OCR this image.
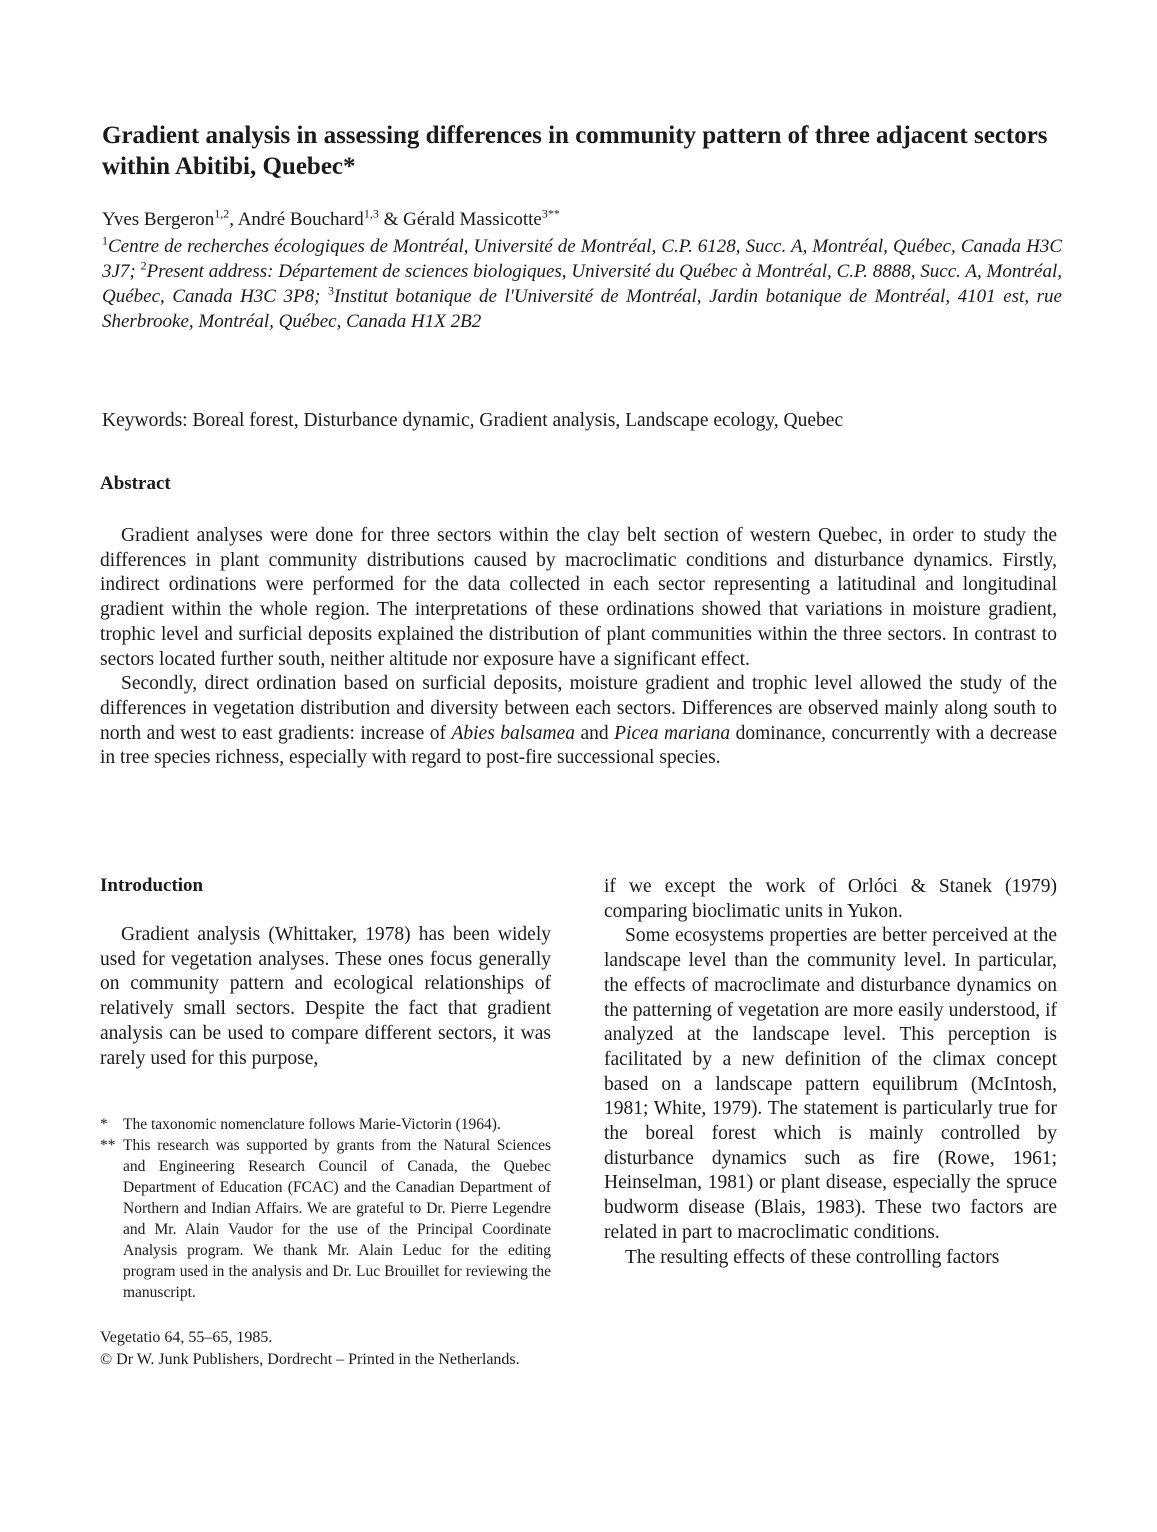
Gradient analysis in assessing differences in community pattern of three adjacent sectors within Abitibi, Quebec*
Yves Bergeron$^{1,2}$, André Bouchard$^{1,3}$ & Gérald Massicotte$^{3**}$
$^1$Centre de recherches écologiques de Montréal, Université de Montréal, C.P. 6128, Succ. A, Montréal, Québec, Canada H3C 3J7; $^2$Present address: Département de sciences biologiques, Université du Québec à Montréal, C.P. 8888, Succ. A, Montréal, Québec, Canada H3C 3P8; $^3$Institut botanique de l'Université de Montréal, Jardin botanique de Montréal, 4101 est, rue Sherbrooke, Montréal, Québec, Canada H1X 2B2
Keywords: Boreal forest, Disturbance dynamic, Gradient analysis, Landscape ecology, Quebec
Abstract

Gradient analyses were done for three sectors within the clay belt section of western Quebec, in order to study the differences in plant community distributions caused by macroclimatic conditions and disturbance dynamics. Firstly, indirect ordinations were performed for the data collected in each sector representing a latitudinal and longitudinal gradient within the whole region. The interpretations of these ordinations showed that variations in moisture gradient, trophic level and surficial deposits explained the distribution of plant communities within the three sectors. In contrast to sectors located further south, neither altitude nor exposure have a significant effect.

Secondly, direct ordination based on surficial deposits, moisture gradient and trophic level allowed the study of the differences in vegetation distribution and diversity between each sectors. Differences are observed mainly along south to north and west to east gradients: increase of Abies balsamea and Picea mariana dominance, concurrently with a decrease in tree species richness, especially with regard to post-fire successional species.

Introduction

Gradient analysis (Whittaker, 1978) has been widely used for vegetation analyses. These ones focus generally on community pattern and ecological relationships of relatively small sectors. Despite the fact that gradient analysis can be used to compare different sectors, it was rarely used for this purpose,

* The taxonomic nomenclature follows Marie-Victorin (1964).
** This research was supported by grants from the Natural Sciences and Engineering Research Council of Canada, the Quebec Department of Education (FCAC) and the Canadian Department of Northern and Indian Affairs. We are grateful to Dr. Pierre Legendre and Mr. Alain Vaudor for the use of the Principal Coordinate Analysis program. We thank Mr. Alain Leduc for the editing program used in the analysis and Dr. Luc Brouillet for reviewing the manuscript.

if we except the work of Orlóci & Stanek (1979) comparing bioclimatic units in Yukon.

Some ecosystems properties are better perceived at the landscape level than the community level. In particular, the effects of macroclimate and disturbance dynamics on the patterning of vegetation are more easily understood, if analyzed at the landscape level. This perception is facilitated by a new definition of the climax concept based on a landscape pattern equilibrum (McIntosh, 1981; White, 1979). The statement is particularly true for the boreal forest which is mainly controlled by disturbance dynamics such as fire (Rowe, 1961; Heinselman, 1981) or plant disease, especially the spruce budworm disease (Blais, 1983). These two factors are related in part to macroclimatic conditions.

The resulting effects of these controlling factors

Vegetatio 64, 55–65, 1985.
© Dr W. Junk Publishers, Dordrecht – Printed in the Netherlands.
